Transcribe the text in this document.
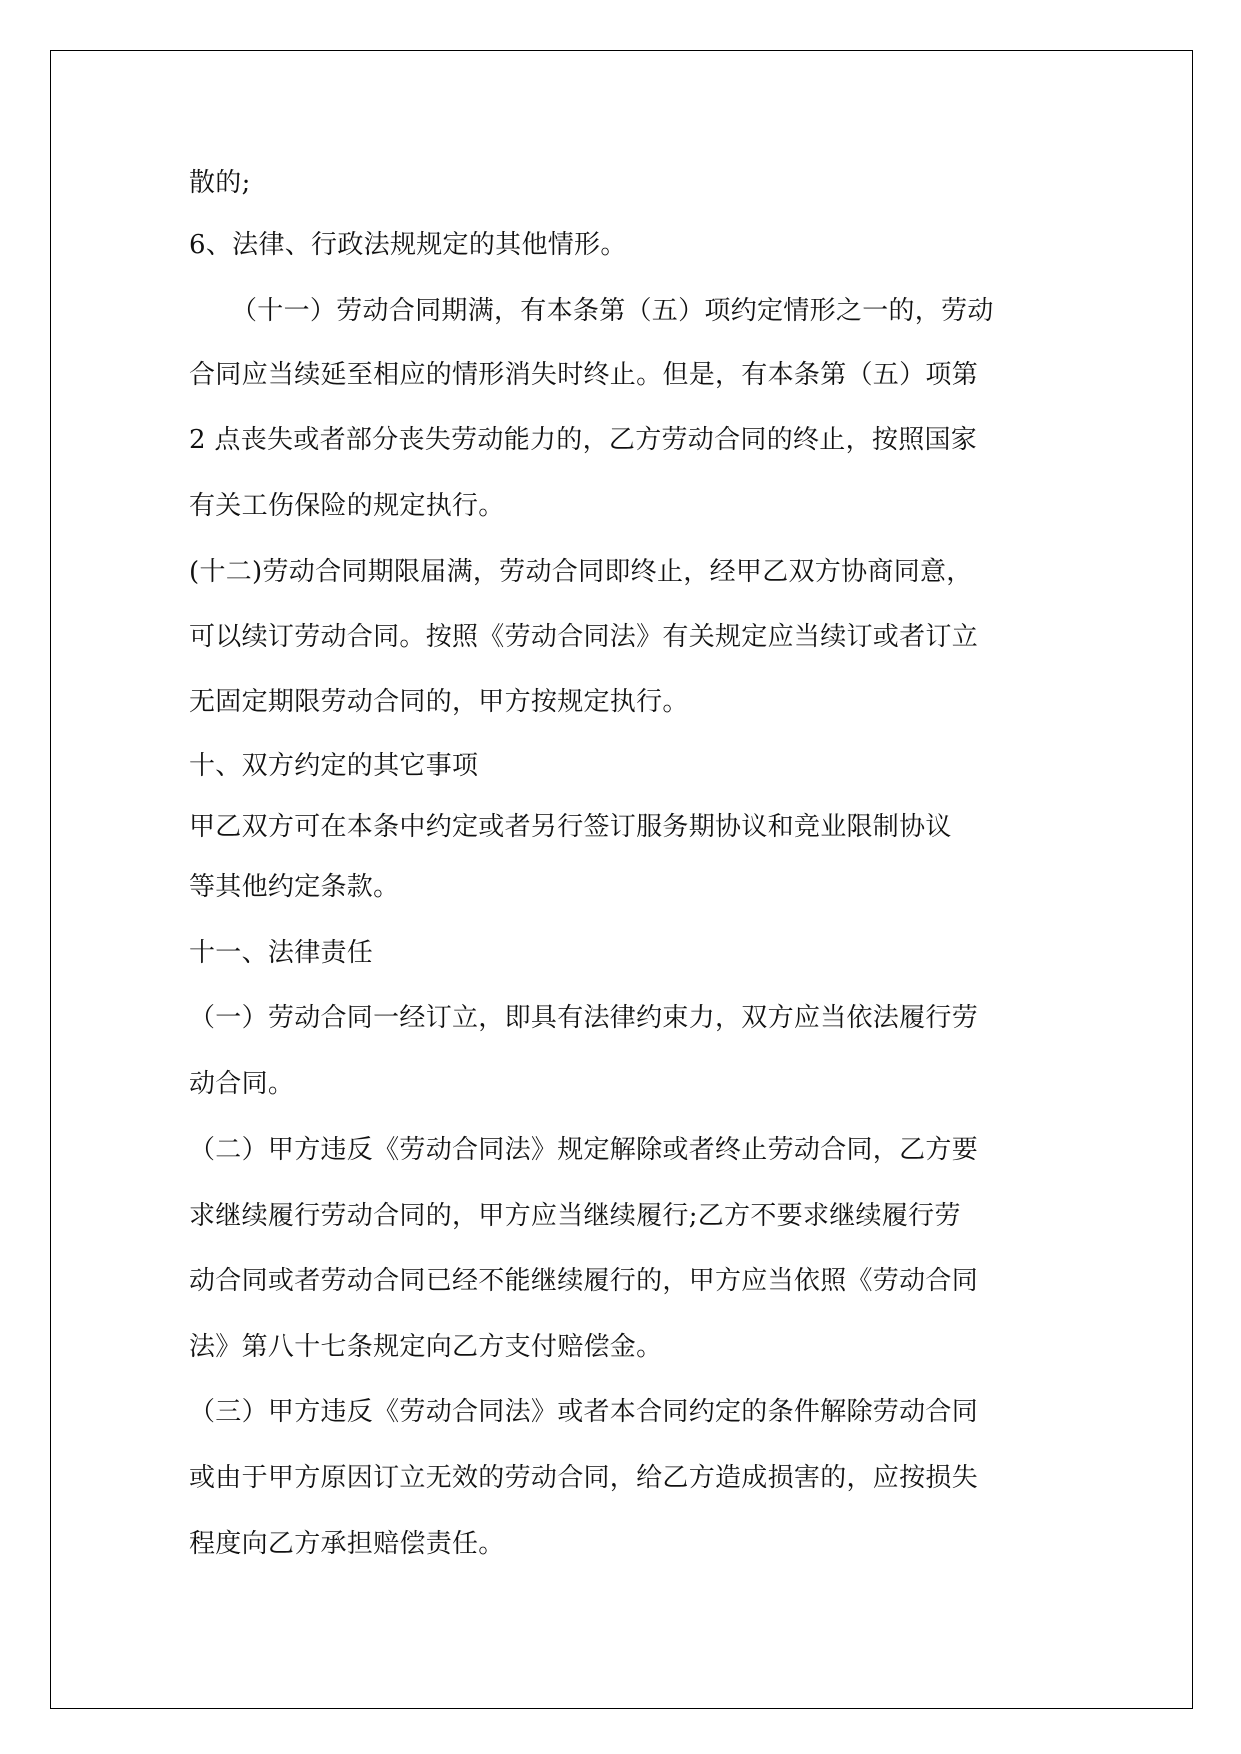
散的;
6、法律、行政法规规定的其他情形。
（十一）劳动合同期满，有本条第（五）项约定情形之一的，劳动
合同应当续延至相应的情形消失时终止。但是，有本条第（五）项第
2 点丧失或者部分丧失劳动能力的，乙方劳动合同的终止，按照国家
有关工伤保险的规定执行。
(十二)劳动合同期限届满，劳动合同即终止，经甲乙双方协商同意，
可以续订劳动合同。按照《劳动合同法》有关规定应当续订或者订立
无固定期限劳动合同的，甲方按规定执行。
十、双方约定的其它事项
甲乙双方可在本条中约定或者另行签订服务期协议和竞业限制协议
等其他约定条款。
十一、法律责任
（一）劳动合同一经订立，即具有法律约束力，双方应当依法履行劳
动合同。
（二）甲方违反《劳动合同法》规定解除或者终止劳动合同，乙方要
求继续履行劳动合同的，甲方应当继续履行;乙方不要求继续履行劳
动合同或者劳动合同已经不能继续履行的，甲方应当依照《劳动合同
法》第八十七条规定向乙方支付赔偿金。
（三）甲方违反《劳动合同法》或者本合同约定的条件解除劳动合同
或由于甲方原因订立无效的劳动合同，给乙方造成损害的，应按损失
程度向乙方承担赔偿责任。
